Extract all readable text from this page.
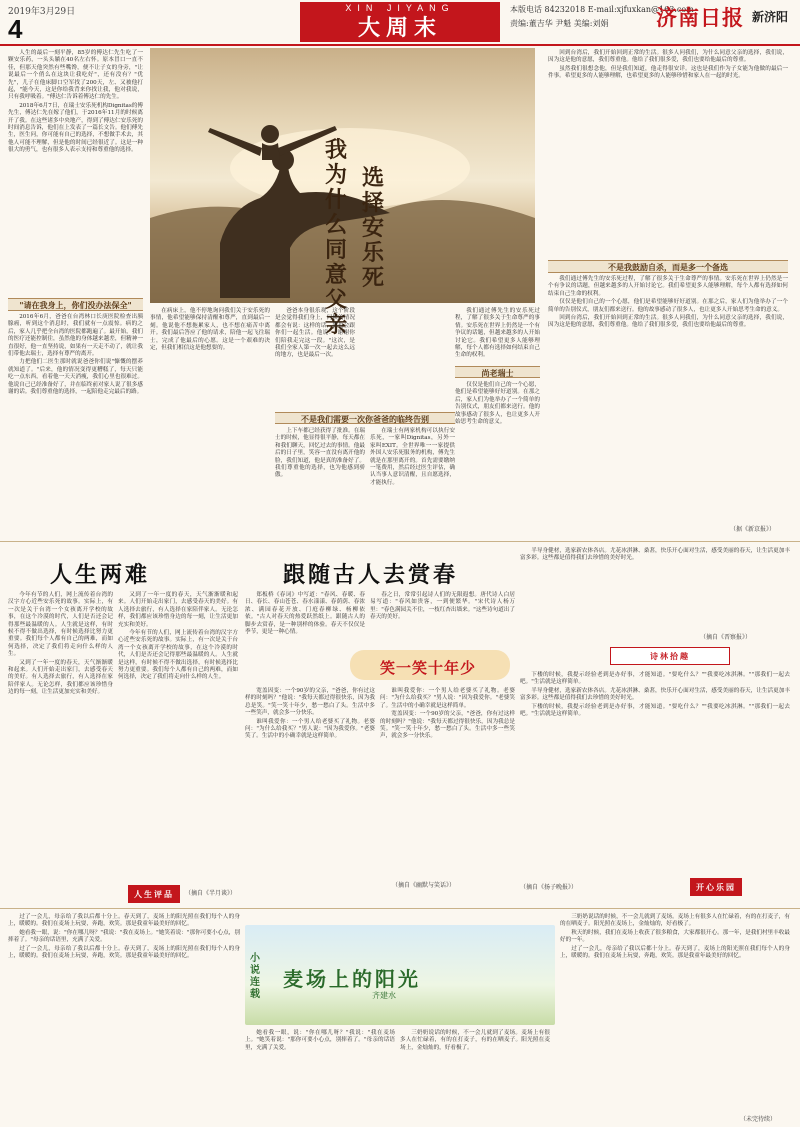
2019年3月29日
4
XIN JIYANG
大周末
本版电话 84232018 E-mail:xjfuxkan@163.com
责编:董吉华 尹魁 美编:刘娟 济南日报 新济阳

人生的最后一刻平静，85岁的傅达仁先生吃了一颗安乐药，一头头躺在40名左右怀。原本冒口一直不佳，但那天他突然有些嘴馋，便不让子女的身旁，"让说最后一个俏么在这块让我吃好"，还有没有？"优先"，儿子在他床脚口空军找了200天，左、又被他打起，"能今天，这是你给我背来你找让我，他对我说，只有我呼吸着。"傅达仁告诉着傅达仁的先生。

2018年6月7日，在瑞士安乐死机构Dignitas的傅先生，傅达仁先在嫁了他们，于2016年11月的时候离开了我。在这些诸多中央地产，得到了傅达仁安乐死的时间消息告诉，他们在上发表了一篇长文告。他们傅先生，医生问，你可能有自己的选择，不想做手术去，其他人可能不理解，但是他的时间已经很近了。这是一种很大的勇气，也有很多人表示支持和尊重他的选择。

"请在我身上，你们没办法保全"

2016年6月，爸爸在台湾林口长庚医院检查出胰腺癌，听到这个消息时，我们就有一点震惊。病的之后，家人几乎把全台湾的医院都跑遍了。最开始，我们的医疗还能控制住，虽然他的身体越来越差，但精神一直很好，他一直坚持说，如果有一天走不动了，就让我们带他去瑞士，选择有尊严的离开。

力把他们二医生那时就说爸爸你们说"慷慨的摆养就知道了。"后来，他的情况变得更糟糕了，每天只能吃一点东西，看着他一天天消瘦，我们心里也很难过。他说自己已经准备好了，并在临终前对家人说了很多感谢的话。我们尊重他的选择，一起陪他走完最后的路。

我为什么同意父亲
选择安乐死

在病床上，他不停地询问我们关于安乐死的事情，他希望能够保持清醒和尊严，直到最后一刻。他说他不想拖累家人，也不想在痛苦中离开。我们最后答应了他的请求，陪他一起飞往瑞士，完成了他最后的心愿。这是一个艰难的决定，但我们相信这是他想要的。

爸爸本身很乐观，这个阶段是会觉得我们身上，问候的情况都会有说：这样的话，我也会跟你们一起生活。他说："谢谢你们陪我走完这一段。"这次，是我们全家人第一次一起去这么远的地方，也是最后一次。

不是我们需要一次你爸爸的临终告别

上下车都已经获得了批准。在瑞士的时候，他显得很平静，每天都在和我们聊天，回忆过去的事情。他最后的日子里，笑容一直没有离开他的脸，我们知道，他是真的准备好了。我们尊重他的选择，也为他感到骄傲。

在瑞士有两家机构可以执行安乐死，一家叫Dignitas，另外一家叫EXIT。全世界唯一一家提供外国人安乐死服务的机构，傅先生就是在那里离开的。首先需要缴纳一笔费用，然后经过医生评估，确认当事人意识清醒，且自愿选择，才能执行。

我们通过傅先生的安乐死过程，了解了很多关于生命尊严的事情。安乐死在世界上仍然是一个有争议的话题，但越来越多的人开始讨论它。我们希望更多人能够理解，每个人都有选择如何结束自己生命的权利。

尚老瑞士

仅仅是他们自己的一个心愿，他们是希望能够好好道别。在那之后，家人们为他举办了一个简单的告别仪式，朋友们都来送行。他的故事感动了很多人，也让更多人开始思考生命的意义。

回到台湾后，我们开始回到正常的生活。很多人问我们，为什么同意父亲的选择，我们说，因为这是他的意愿，我们尊重他。他给了我们很多爱，我们也要给他最后的尊重。

虽然我们很想念他，但是我们知道，他走得很安详。这也是我们作为子女能为他做的最后一件事。希望更多的人能够理解，也希望更多的人能够珍惜和家人在一起的时光。

不是我鼓励自杀，而是多一个备选

我们通过傅先生的安乐死过程，了解了很多关于生命尊严的事情。安乐死在世界上仍然是一个有争议的话题，但越来越多的人开始讨论它。我们希望更多人能够理解，每个人都有选择如何结束自己生命的权利。

仅仅是他们自己的一个心愿，他们是希望能够好好道别。在那之后，家人们为他举办了一个简单的告别仪式，朋友们都来送行。他的故事感动了很多人，也让更多人开始思考生命的意义。

回到台湾后，我们开始回到正常的生活。很多人问我们，为什么同意父亲的选择，我们说，因为这是他的意愿，我们尊重他。他给了我们很多爱，我们也要给他最后的尊重。

（据《新京报》）
人生两难

今年有节的人们，网上流传着台湾的汉字方心近些安乐死的故事。实际上，有一次是关于台湾一个女孩离开学校的故事，在这个冷漠的时代，人们是否还会记得那些最温暖的人。人生就是这样，有时候不得不做出选择，有时候选择比努力更重要。我们每个人都有自己的两难，而如何选择，决定了我们将走向什么样的人生。

又到了一年一度的春天，天气渐渐暖和起来。人们开始走出家门，去感受春天的美好。有人选择去旅行，有人选择在家陪伴家人。无论怎样，我们都应该珍惜身边的每一刻，让生活更加充实和美好。

又到了一年一度的春天，天气渐渐暖和起来。人们开始走出家门，去感受春天的美好。有人选择去旅行，有人选择在家陪伴家人。无论怎样，我们都应该珍惜身边的每一刻，让生活更加充实和美好。

今年有节的人们，网上流传着台湾的汉字方心近些安乐死的故事。实际上，有一次是关于台湾一个女孩离开学校的故事，在这个冷漠的时代，人们是否还会记得那些最温暖的人。人生就是这样，有时候不得不做出选择，有时候选择比努力更重要。我们每个人都有自己的两难，而如何选择，决定了我们将走向什么样的人生。

人生评品	（摘自《半月谈》）
跟随古人去赏春

郑板桥《春词》中写道："春风、春暖、春日、春长、春山苍苍、春水漾漾、春荫荫、春浓浓、满园春花开放、门庭春柳绿、杨柳依依。"古人对春天的热爱跃然纸上。跟随古人的脚步去赏春，是一种别样的体验。春天不仅仅是季节，更是一种心情。

春之日，常常引起诗人们的无限遐想。唐代诗人白居易写道："春风如贵客，一到便繁华。"宋代诗人杨万里："春色满园关不住，一枝红杏出墙来。"这些诗句道出了春天的美好。

笑一笑十年少

宽盖因变：一个90岁的父亲，"爸爸，你有过这样的时刻吗？"他说："我每天都过得很快乐，因为我总是笑。"笑一笑十年少，愁一愁白了头。生活中多一些笑声，就会多一分快乐。

谁叫我爱你：一个男人给老婆买了礼物。老婆问："为什么给我买？"男人说："因为我爱你。"老婆笑了。生活中的小确幸就是这样简单。

谁叫我爱你：一个男人给老婆买了礼物。老婆问："为什么给我买？"男人说："因为我爱你。"老婆笑了。生活中的小确幸就是这样简单。

宽盖因变：一个90岁的父亲，"爸爸，你有过这样的时刻吗？"他说："我每天都过得很快乐，因为我总是笑。"笑一笑十年少，愁一愁白了头。生活中多一些笑声，就会多一分快乐。

（摘自《幽默与笑话》）

半导身健材，选家新农体各店。尤花冰淇淋、桑葚，快乐开心面对生活，感受美丽的春天，让生活更加丰富多彩。这些都是值得我们去珍惜的美好时光。

（摘自《晋察报》）
诗林拾趣

下楼的时候，我提示经验老到是办好事，才能知道。"要吃什么？""我要吃冰淇淋。""那我们一起去吧。"生活就是这样简单。

半导身健材，选家新农体各店。尤花冰淇淋、桑葚，快乐开心面对生活，感受美丽的春天，让生活更加丰富多彩。这些都是值得我们去珍惜的美好时光。

下楼的时候，我提示经验老到是办好事，才能知道。"要吃什么？""我要吃冰淇淋。""那我们一起去吧。"生活就是这样简单。

开心乐园
（摘自《扬子晚报》）

过了一会儿，母亲给了我以后都十分上。春天到了，麦场上的阳光照在我们每个人的身上，暖暖的。我们在麦场上玩耍，奔跑，欢笑。那是我童年最美好的回忆。

她看我一眼，说："你在哪儿呀？"我说："我在麦场上。"她笑着说："那你可要小心点，别摔着了。"母亲的话语里，充满了关爱。

过了一会儿，母亲给了我以后都十分上。春天到了，麦场上的阳光照在我们每个人的身上，暖暖的。我们在麦场上玩耍，奔跑，欢笑。那是我童年最美好的回忆。	小说连载
麦场上的阳光
齐建水

她看我一眼，说："你在哪儿呀？"我说："我在麦场上。"她笑着说："那你可要小心点，别摔着了。"母亲的话语里，充满了关爱。

三奶奶说话的时候，不一会儿就到了麦场。麦场上有很多人在忙碌着，有的在打麦子，有的在晒麦子。阳光照在麦场上，金灿灿的，好看极了。

三奶奶说话的时候，不一会儿就到了麦场。麦场上有很多人在忙碌着，有的在打麦子，有的在晒麦子。阳光照在麦场上，金灿灿的，好看极了。

秋天的时候，我们在麦场上收获了很多粮食，大家都很开心。那一年，是我们村里丰收最好的一年。

过了一会儿，母亲给了我以后都十分上。春天到了，麦场上的阳光照在我们每个人的身上，暖暖的。我们在麦场上玩耍，奔跑，欢笑。那是我童年最美好的回忆。

（未完待续）
